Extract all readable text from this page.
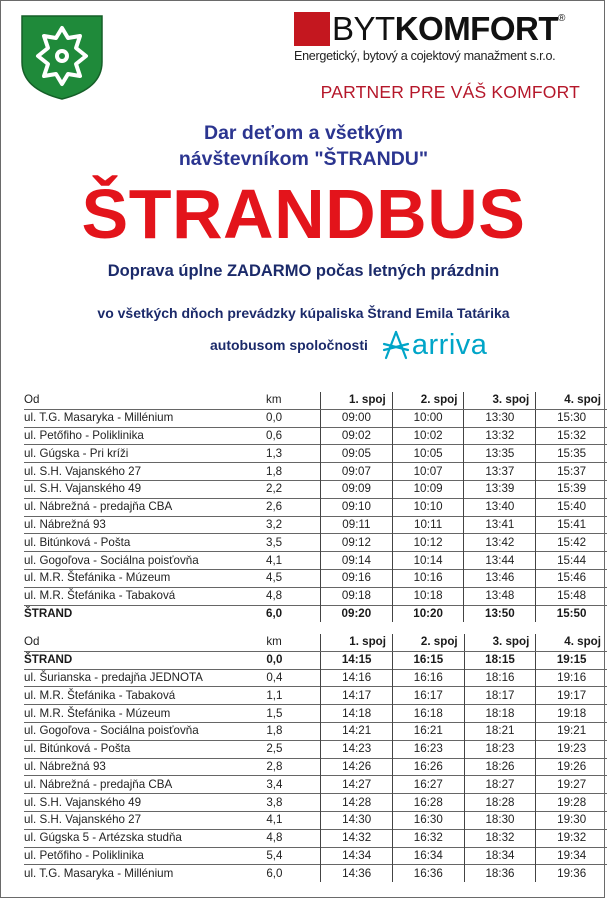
BYTKOMFORT®
Energetický, bytový a cojektový manažment s.r.o.
PARTNER PRE VÁŠ KOMFORT
Dar deťom a všetkým
návštevníkom "ŠTRANDU"
ŠTRANDBUS
Doprava úplne ZADARMO počas letných prázdnin
vo všetkých dňoch prevádzky kúpaliska Štrand Emila Tatárika
autobusom spoločnosti arriva
Od	km	1. spoj	2. spoj	3. spoj	4. spoj
ul. T.G. Masaryka - Millénium	0,0	09:00	10:00	13:30	15:30
ul. Petőfiho - Poliklinika	0,6	09:02	10:02	13:32	15:32
ul. Gúgska - Pri kríži	1,3	09:05	10:05	13:35	15:35
ul. S.H. Vajanského 27	1,8	09:07	10:07	13:37	15:37
ul. S.H. Vajanského 49	2,2	09:09	10:09	13:39	15:39
ul. Nábrežná - predajňa CBA	2,6	09:10	10:10	13:40	15:40
ul. Nábrežná 93	3,2	09:11	10:11	13:41	15:41
ul. Bitúnková - Pošta	3,5	09:12	10:12	13:42	15:42
ul. Gogoľova - Sociálna poisťovňa	4,1	09:14	10:14	13:44	15:44
ul. M.R. Štefánika - Múzeum	4,5	09:16	10:16	13:46	15:46
ul. M.R. Štefánika - Tabaková	4,8	09:18	10:18	13:48	15:48
ŠTRAND	6,0	09:20	10:20	13:50	15:50
Od	km	1. spoj	2. spoj	3. spoj	4. spoj
ŠTRAND	0,0	14:15	16:15	18:15	19:15
ul. Šurianska - predajňa JEDNOTA	0,4	14:16	16:16	18:16	19:16
ul. M.R. Štefánika - Tabaková	1,1	14:17	16:17	18:17	19:17
ul. M.R. Štefánika - Múzeum	1,5	14:18	16:18	18:18	19:18
ul. Gogoľova - Sociálna poisťovňa	1,8	14:21	16:21	18:21	19:21
ul. Bitúnková - Pošta	2,5	14:23	16:23	18:23	19:23
ul. Nábrežná 93	2,8	14:26	16:26	18:26	19:26
ul. Nábrežná - predajňa CBA	3,4	14:27	16:27	18:27	19:27
ul. S.H. Vajanského 49	3,8	14:28	16:28	18:28	19:28
ul. S.H. Vajanského 27	4,1	14:30	16:30	18:30	19:30
ul. Gúgska 5 - Artézska studňa	4,8	14:32	16:32	18:32	19:32
ul. Petőfiho - Poliklinika	5,4	14:34	16:34	18:34	19:34
ul. T.G. Masaryka - Millénium	6,0	14:36	16:36	18:36	19:36
